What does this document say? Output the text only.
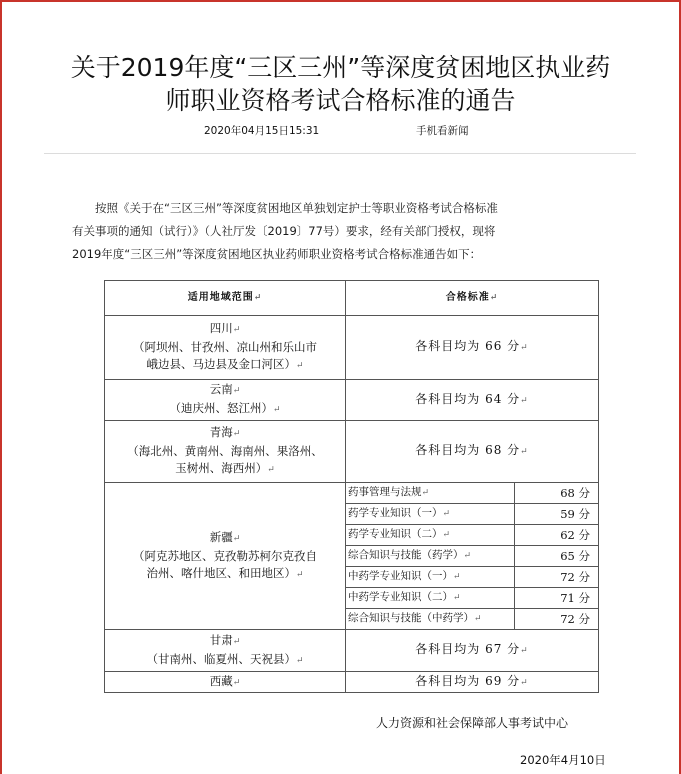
关于2019年度“三区三州”等深度贫困地区执业药
师职业资格考试合格标准的通告
2020年04月15日15:31	手机看新闻
按照《关于在“三区三州”等深度贫困地区单独划定护士等职业资格考试合格标准
有关事项的通知（试行）》（人社厅发〔2019〕77号）要求，经有关部门授权，现将
2019年度“三区三州”等深度贫困地区执业药师职业资格考试合格标准通告如下：
适用地域范围↵	合格标准↵	
四川↵
（阿坝州、甘孜州、凉山州和乐山市
峨边县、马边县及金口河区）↵	各科目均为 66 分↵	
云南↵
（迪庆州、怒江州）↵	各科目均为 64 分↵	
青海↵
（海北州、黄南州、海南州、果洛州、
玉树州、海西州）↵	各科目均为 68 分↵	
新疆↵
（阿克苏地区、克孜勒苏柯尔克孜自
治州、喀什地区、和田地区）↵	药事管理与法规↵	68 分
	药学专业知识（一）↵	59 分
	药学专业知识（二）↵	62 分
	综合知识与技能（药学）↵	65 分
	中药学专业知识（一）↵	72 分
	中药学专业知识（二）↵	71 分
	综合知识与技能（中药学）↵	72 分
甘肃↵
（甘南州、临夏州、天祝县）↵	各科目均为 67 分↵	
西藏↵	各科目均为 69 分↵	
人力资源和社会保障部人事考试中心
2020年4月10日
